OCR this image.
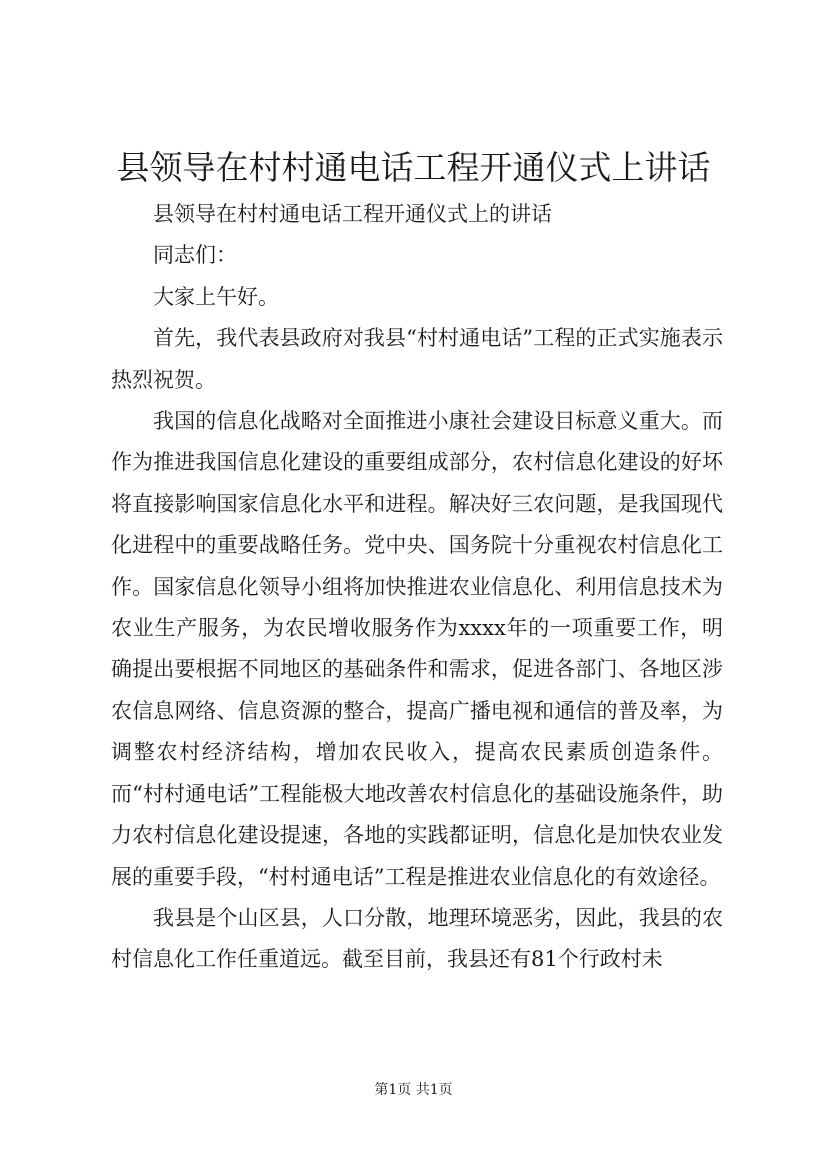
县领导在村村通电话工程开通仪式上讲话

县领导在村村通电话工程开通仪式上的讲话

同志们：

大家上午好。

首先，我代表县政府对我县“村村通电话”工程的正式实施表示热烈祝贺。

我国的信息化战略对全面推进小康社会建设目标意义重大。而作为推进我国信息化建设的重要组成部分，农村信息化建设的好坏将直接影响国家信息化水平和进程。解决好三农问题，是我国现代化进程中的重要战略任务。党中央、国务院十分重视农村信息化工作。国家信息化领导小组将加快推进农业信息化、利用信息技术为农业生产服务，为农民增收服务作为xxxx年的一项重要工作，明确提出要根据不同地区的基础条件和需求，促进各部门、各地区涉农信息网络、信息资源的整合，提高广播电视和通信的普及率，为调整农村经济结构，增加农民收入，提高农民素质创造条件。而“村村通电话”工程能极大地改善农村信息化的基础设施条件，助力农村信息化建设提速，各地的实践都证明，信息化是加快农业发展的重要手段，“村村通电话”工程是推进农业信息化的有效途径。

我县是个山区县，人口分散，地理环境恶劣，因此，我县的农村信息化工作任重道远。截至目前，我县还有81个行政村未

第1页 共1页
